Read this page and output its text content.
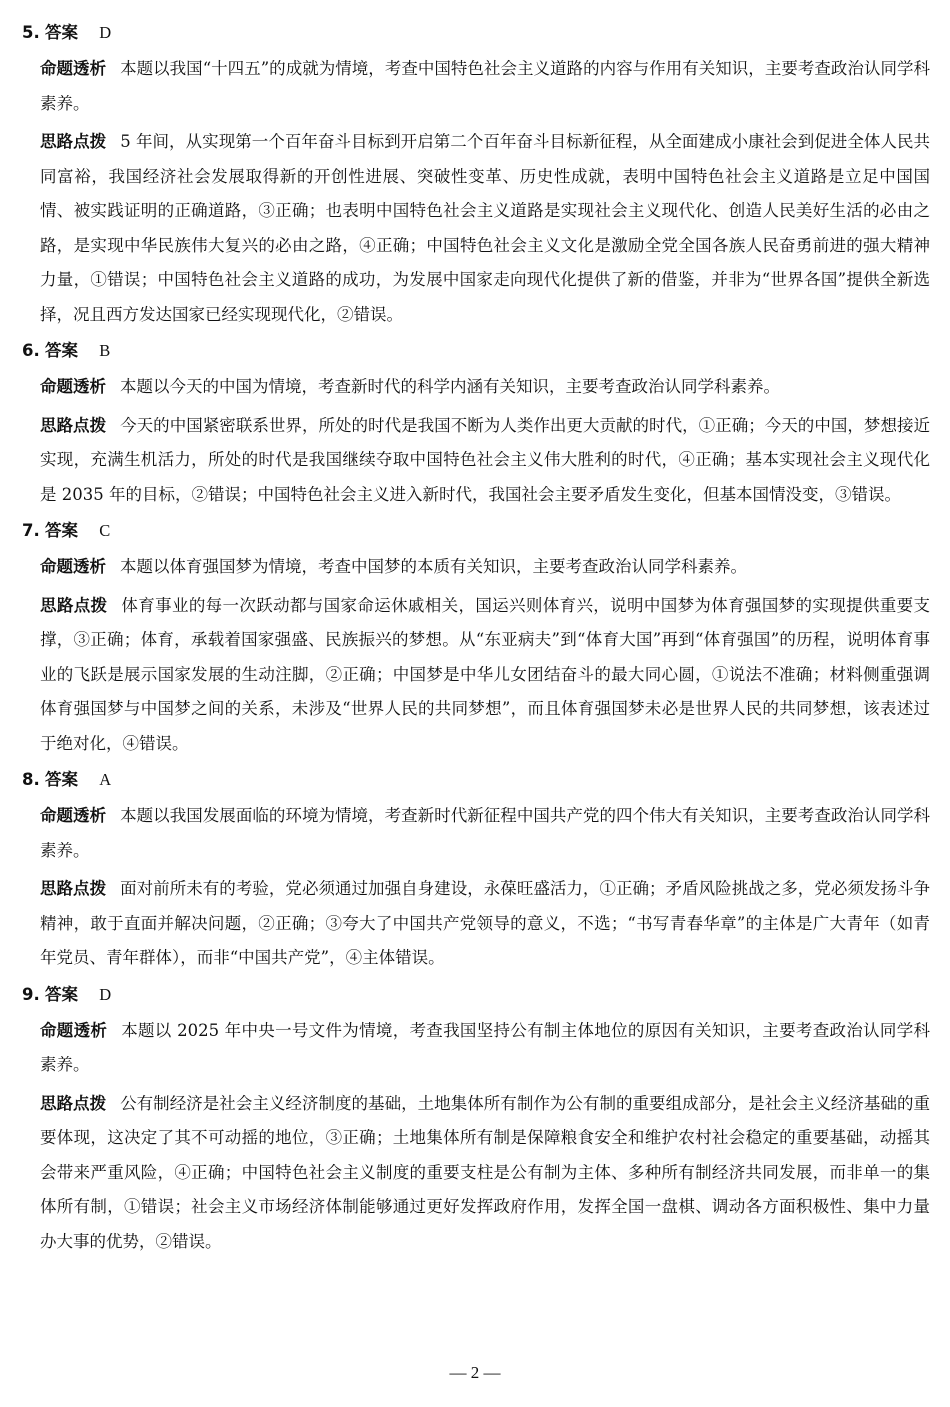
5. 答案 D

命题透析 本题以我国“十四五”的成就为情境，考查中国特色社会主义道路的内容与作用有关知识，主要考查政治认同学科素养。

思路点拨 5 年间，从实现第一个百年奋斗目标到开启第二个百年奋斗目标新征程，从全面建成小康社会到促进全体人民共同富裕，我国经济社会发展取得新的开创性进展、突破性变革、历史性成就，表明中国特色社会主义道路是立足中国国情、被实践证明的正确道路，③正确；也表明中国特色社会主义道路是实现社会主义现代化、创造人民美好生活的必由之路，是实现中华民族伟大复兴的必由之路，④正确；中国特色社会主义文化是激励全党全国各族人民奋勇前进的强大精神力量，①错误；中国特色社会主义道路的成功，为发展中国家走向现代化提供了新的借鉴，并非为“世界各国”提供全新选择，况且西方发达国家已经实现现代化，②错误。

6. 答案 B

命题透析 本题以今天的中国为情境，考查新时代的科学内涵有关知识，主要考查政治认同学科素养。

思路点拨 今天的中国紧密联系世界，所处的时代是我国不断为人类作出更大贡献的时代，①正确；今天的中国，梦想接近实现，充满生机活力，所处的时代是我国继续夺取中国特色社会主义伟大胜利的时代，④正确；基本实现社会主义现代化是 2035 年的目标，②错误；中国特色社会主义进入新时代，我国社会主要矛盾发生变化，但基本国情没变，③错误。

7. 答案 C

命题透析 本题以体育强国梦为情境，考查中国梦的本质有关知识，主要考查政治认同学科素养。

思路点拨 体育事业的每一次跃动都与国家命运休戚相关，国运兴则体育兴，说明中国梦为体育强国梦的实现提供重要支撑，③正确；体育，承载着国家强盛、民族振兴的梦想。从“东亚病夫”到“体育大国”再到“体育强国”的历程，说明体育事业的飞跃是展示国家发展的生动注脚，②正确；中国梦是中华儿女团结奋斗的最大同心圆，①说法不准确；材料侧重强调体育强国梦与中国梦之间的关系，未涉及“世界人民的共同梦想”，而且体育强国梦未必是世界人民的共同梦想，该表述过于绝对化，④错误。

8. 答案 A

命题透析 本题以我国发展面临的环境为情境，考查新时代新征程中国共产党的四个伟大有关知识，主要考查政治认同学科素养。

思路点拨 面对前所未有的考验，党必须通过加强自身建设，永葆旺盛活力，①正确；矛盾风险挑战之多，党必须发扬斗争精神，敢于直面并解决问题，②正确；③夸大了中国共产党领导的意义，不选；“书写青春华章”的主体是广大青年（如青年党员、青年群体），而非“中国共产党”，④主体错误。

9. 答案 D

命题透析 本题以 2025 年中央一号文件为情境，考查我国坚持公有制主体地位的原因有关知识，主要考查政治认同学科素养。

思路点拨 公有制经济是社会主义经济制度的基础，土地集体所有制作为公有制的重要组成部分，是社会主义经济基础的重要体现，这决定了其不可动摇的地位，③正确；土地集体所有制是保障粮食安全和维护农村社会稳定的重要基础，动摇其会带来严重风险，④正确；中国特色社会主义制度的重要支柱是公有制为主体、多种所有制经济共同发展，而非单一的集体所有制，①错误；社会主义市场经济体制能够通过更好发挥政府作用，发挥全国一盘棋、调动各方面积极性、集中力量办大事的优势，②错误。

— 2 —
